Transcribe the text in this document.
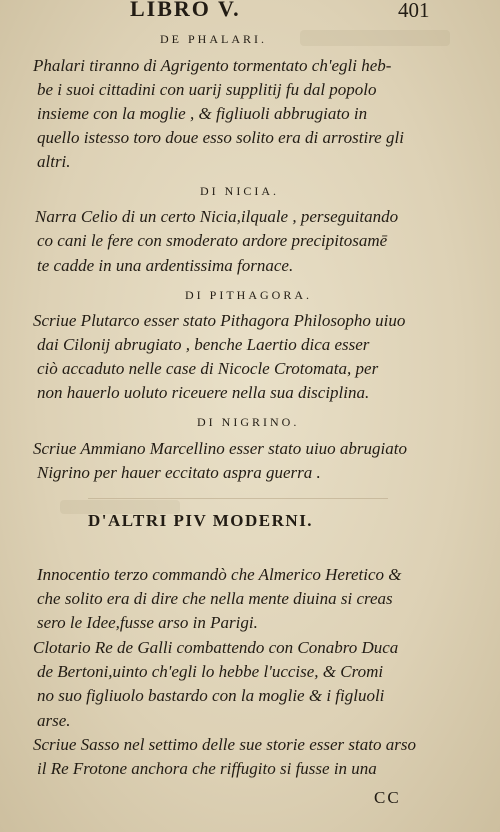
LIBRO V.	401
DE PHALARI.
Phalari tiranno di Agrigento tormentato ch'egli heb-
be i suoi cittadini con uarij supplitij fu dal popolo
insieme con la moglie , & figliuoli abbrugiato in
quello istesso toro doue esso solito era di arrostire gli
altri.
DI NICIA.
Narra Celio di un certo Nicia,ilquale , perseguitando
co cani le fere con smoderato ardore precipitosamē
te cadde in una ardentissima fornace.
DI PITHAGORA.
Scriue Plutarco esser stato Pithagora Philosopho uiuo
dai Cilonij abrugiato , benche Laertio dica esser
ciò accaduto nelle case di Nicocle Crotomata, per
non hauerlo uoluto riceuere nella sua disciplina.
DI NIGRINO.
Scriue Ammiano Marcellino esser stato uiuo abrugiato
Nigrino per hauer eccitato aspra guerra .
D'ALTRI PIV MODERNI.
Innocentio terzo commandò che Almerico Heretico &
che solito era di dire che nella mente diuina si creas
sero le Idee,fusse arso in Parigi.
Clotario Re de Galli combattendo con Conabro Duca
de Bertoni,uinto ch'egli lo hebbe l'uccise, & Cromi
no suo figliuolo bastardo con la moglie & i figluoli
arse.
Scriue Sasso nel settimo delle sue storie esser stato arso
il Re Frotone anchora che riffugito si fusse in una
CC
